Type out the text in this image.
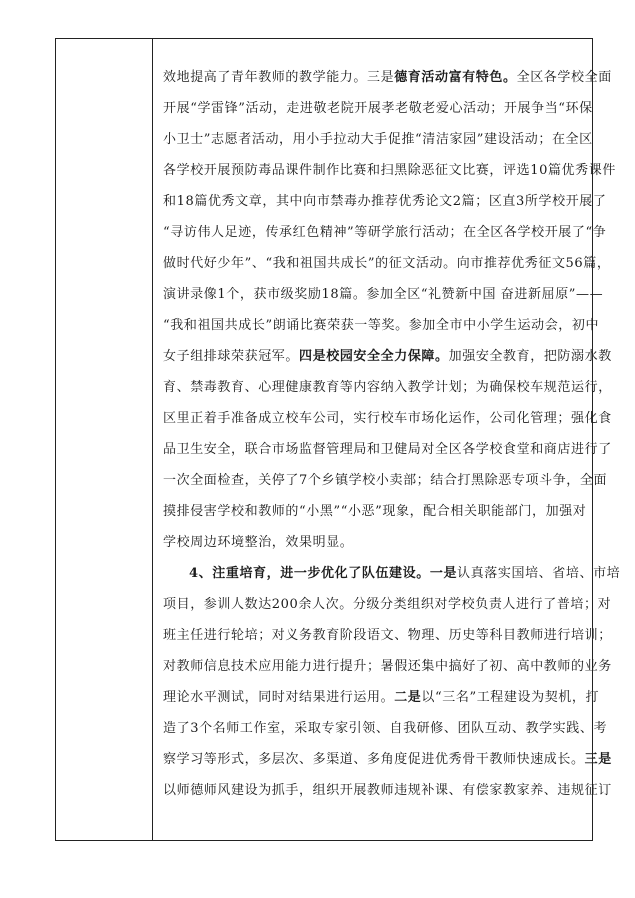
效地提高了青年教师的教学能力。三是德育活动富有特色。全区各学校全面
开展“学雷锋”活动，走进敬老院开展孝老敬老爱心活动；开展争当“环保
小卫士”志愿者活动，用小手拉动大手促推“清洁家园”建设活动；在全区
各学校开展预防毒品课件制作比赛和扫黑除恶征文比赛，评选10篇优秀课件
和18篇优秀文章，其中向市禁毒办推荐优秀论文2篇；区直3所学校开展了
“寻访伟人足迹，传承红色精神”等研学旅行活动；在全区各学校开展了“争
做时代好少年”、“我和祖国共成长”的征文活动。向市推荐优秀征文56篇，
演讲录像1个，获市级奖励18篇。参加全区“礼赞新中国 奋进新屈原”——
“我和祖国共成长”朗诵比赛荣获一等奖。参加全市中小学生运动会，初中
女子组排球荣获冠军。四是校园安全全力保障。加强安全教育，把防溺水教
育、禁毒教育、心理健康教育等内容纳入教学计划；为确保校车规范运行，
区里正着手准备成立校车公司，实行校车市场化运作，公司化管理；强化食
品卫生安全，联合市场监督管理局和卫健局对全区各学校食堂和商店进行了
一次全面检查，关停了7个乡镇学校小卖部；结合打黑除恶专项斗争，全面
摸排侵害学校和教师的“小黑”“小恶”现象，配合相关职能部门，加强对
学校周边环境整治，效果明显。
4、注重培育，进一步优化了队伍建设。一是认真落实国培、省培、市培
项目，参训人数达200余人次。分级分类组织对学校负责人进行了普培；对
班主任进行轮培；对义务教育阶段语文、物理、历史等科目教师进行培训；
对教师信息技术应用能力进行提升；暑假还集中搞好了初、高中教师的业务
理论水平测试，同时对结果进行运用。二是以“三名”工程建设为契机，打
造了3个名师工作室，采取专家引领、自我研修、团队互动、教学实践、考
察学习等形式，多层次、多渠道、多角度促进优秀骨干教师快速成长。三是
以师德师风建设为抓手，组织开展教师违规补课、有偿家教家养、违规征订
